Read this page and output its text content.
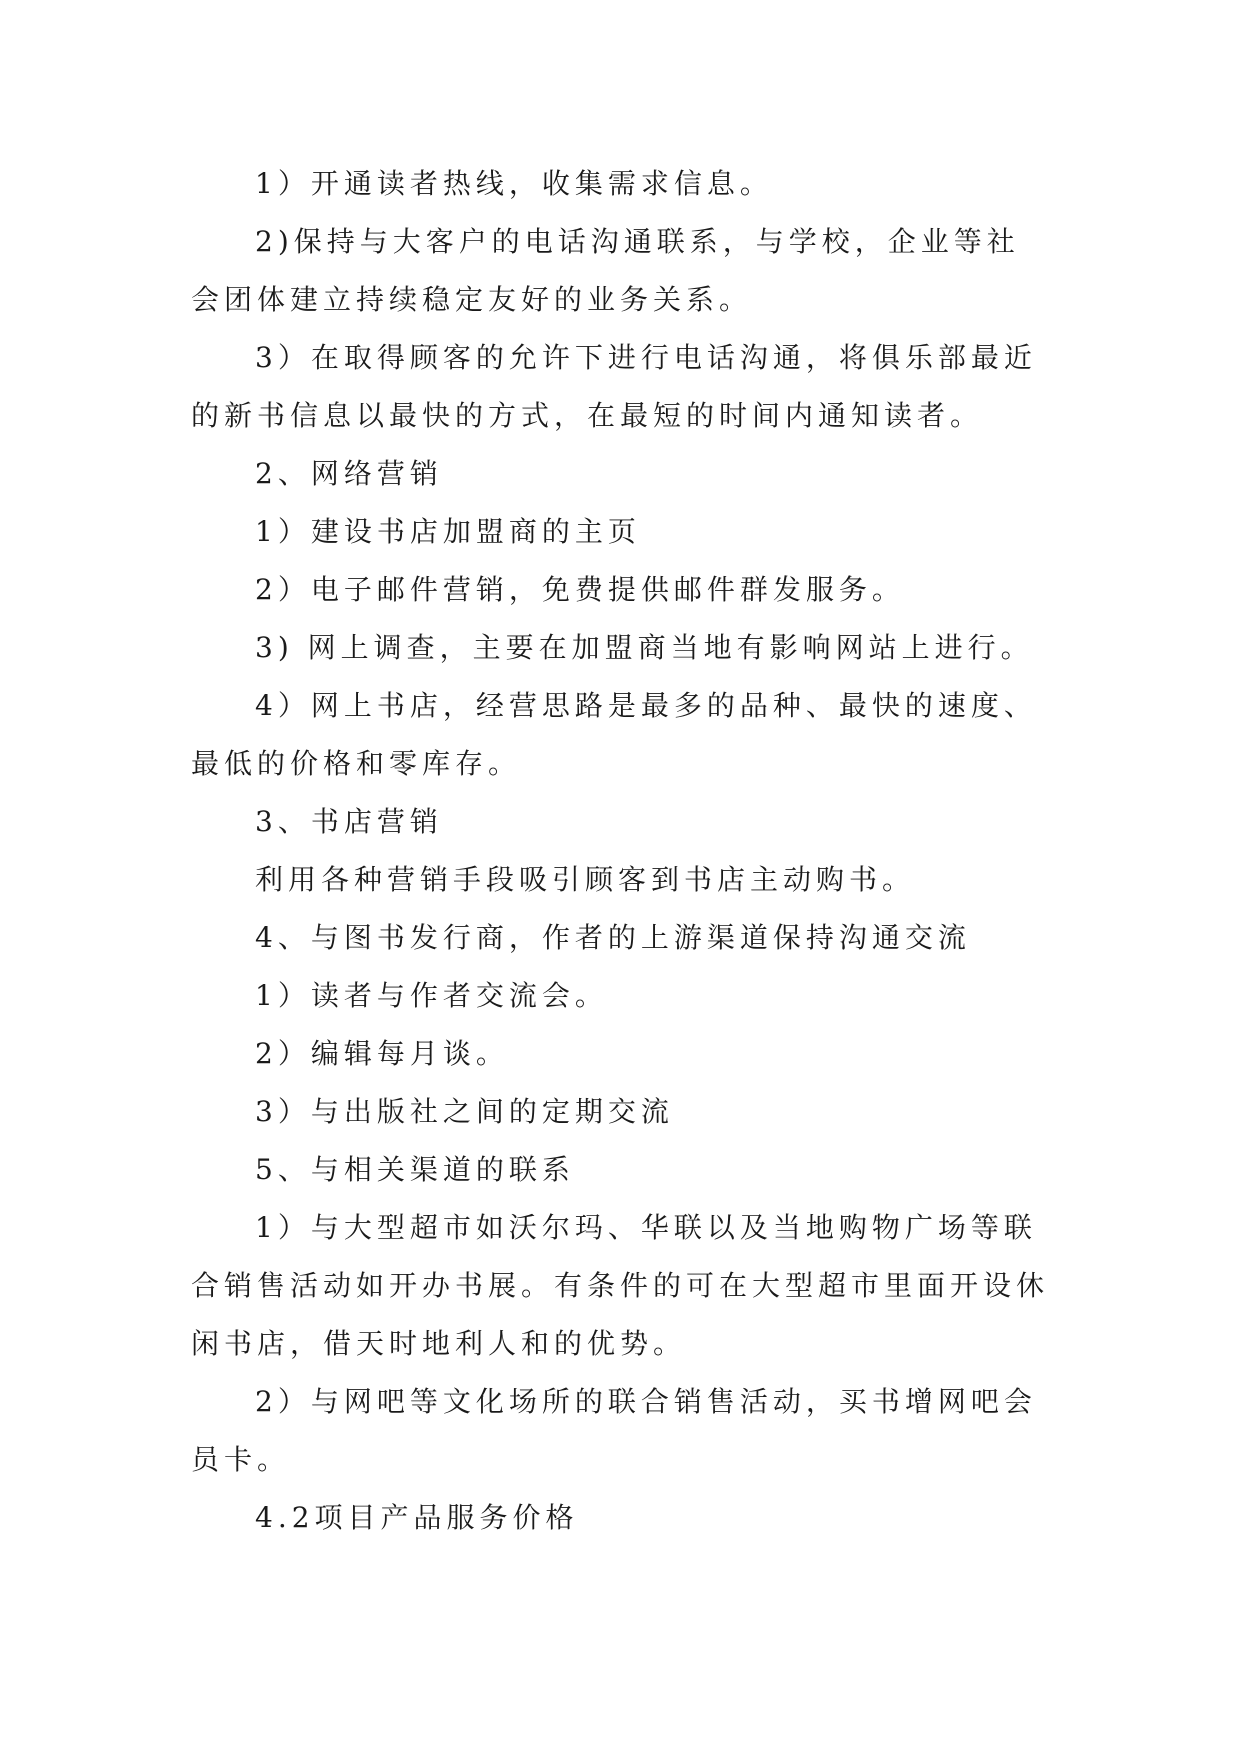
1）开通读者热线，收集需求信息。

2)保持与大客户的电话沟通联系，与学校，企业等社会团体建立持续稳定友好的业务关系。

3）在取得顾客的允许下进行电话沟通，将俱乐部最近的新书信息以最快的方式，在最短的时间内通知读者。

2、网络营销

1）建设书店加盟商的主页

2）电子邮件营销，免费提供邮件群发服务。

3) 网上调查，主要在加盟商当地有影响网站上进行。

4）网上书店，经营思路是最多的品种、最快的速度、最低的价格和零库存。

3、书店营销

利用各种营销手段吸引顾客到书店主动购书。

4、与图书发行商，作者的上游渠道保持沟通交流

1）读者与作者交流会。

2）编辑每月谈。

3）与出版社之间的定期交流

5、与相关渠道的联系

1）与大型超市如沃尔玛、华联以及当地购物广场等联合销售活动如开办书展。有条件的可在大型超市里面开设休闲书店，借天时地利人和的优势。

2）与网吧等文化场所的联合销售活动，买书增网吧会员卡。

4.2项目产品服务价格
